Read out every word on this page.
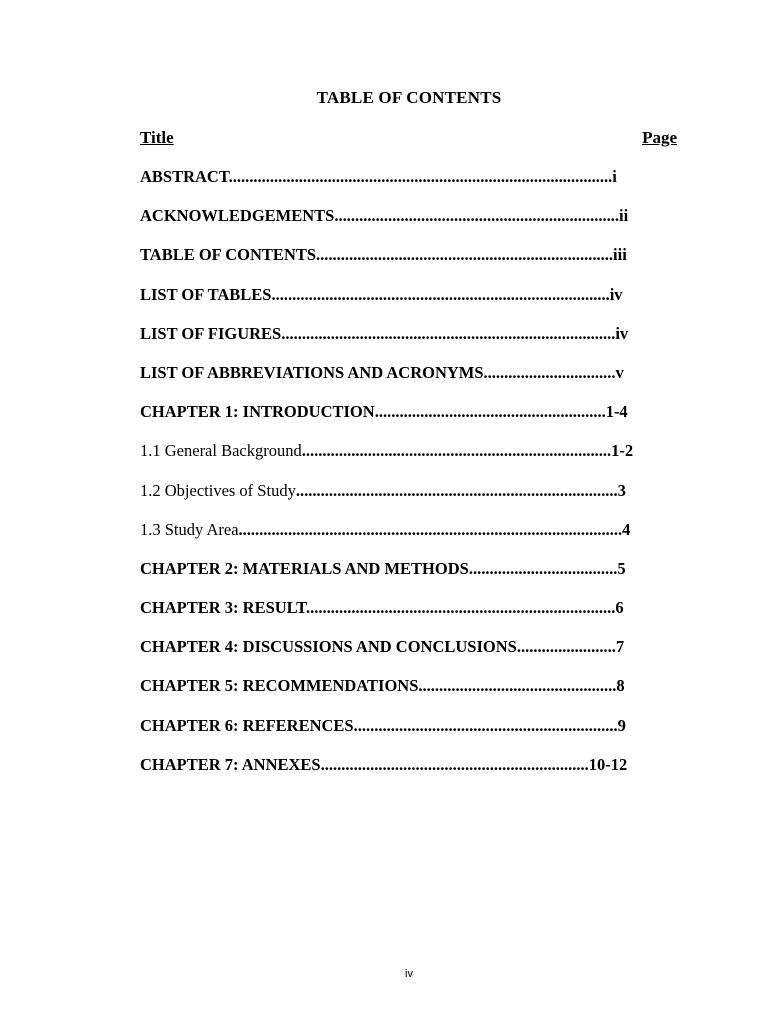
TABLE OF CONTENTS
Title	Page
ABSTRACT.............................................................................................i
ACKNOWLEDGEMENTS.....................................................................ii
TABLE OF CONTENTS........................................................................iii
LIST OF TABLES..................................................................................iv
LIST OF FIGURES.................................................................................iv
LIST OF ABBREVIATIONS AND ACRONYMS................................v
CHAPTER 1: INTRODUCTION........................................................1-4
1.1 General Background...........................................................................1-2
1.2 Objectives of Study..............................................................................3
1.3 Study Area.............................................................................................4
CHAPTER 2: MATERIALS AND METHODS....................................5
CHAPTER 3: RESULT...........................................................................6
CHAPTER 4: DISCUSSIONS AND CONCLUSIONS........................7
CHAPTER 5: RECOMMENDATIONS................................................8
CHAPTER 6: REFERENCES................................................................9
CHAPTER 7: ANNEXES.................................................................10-12
iv
